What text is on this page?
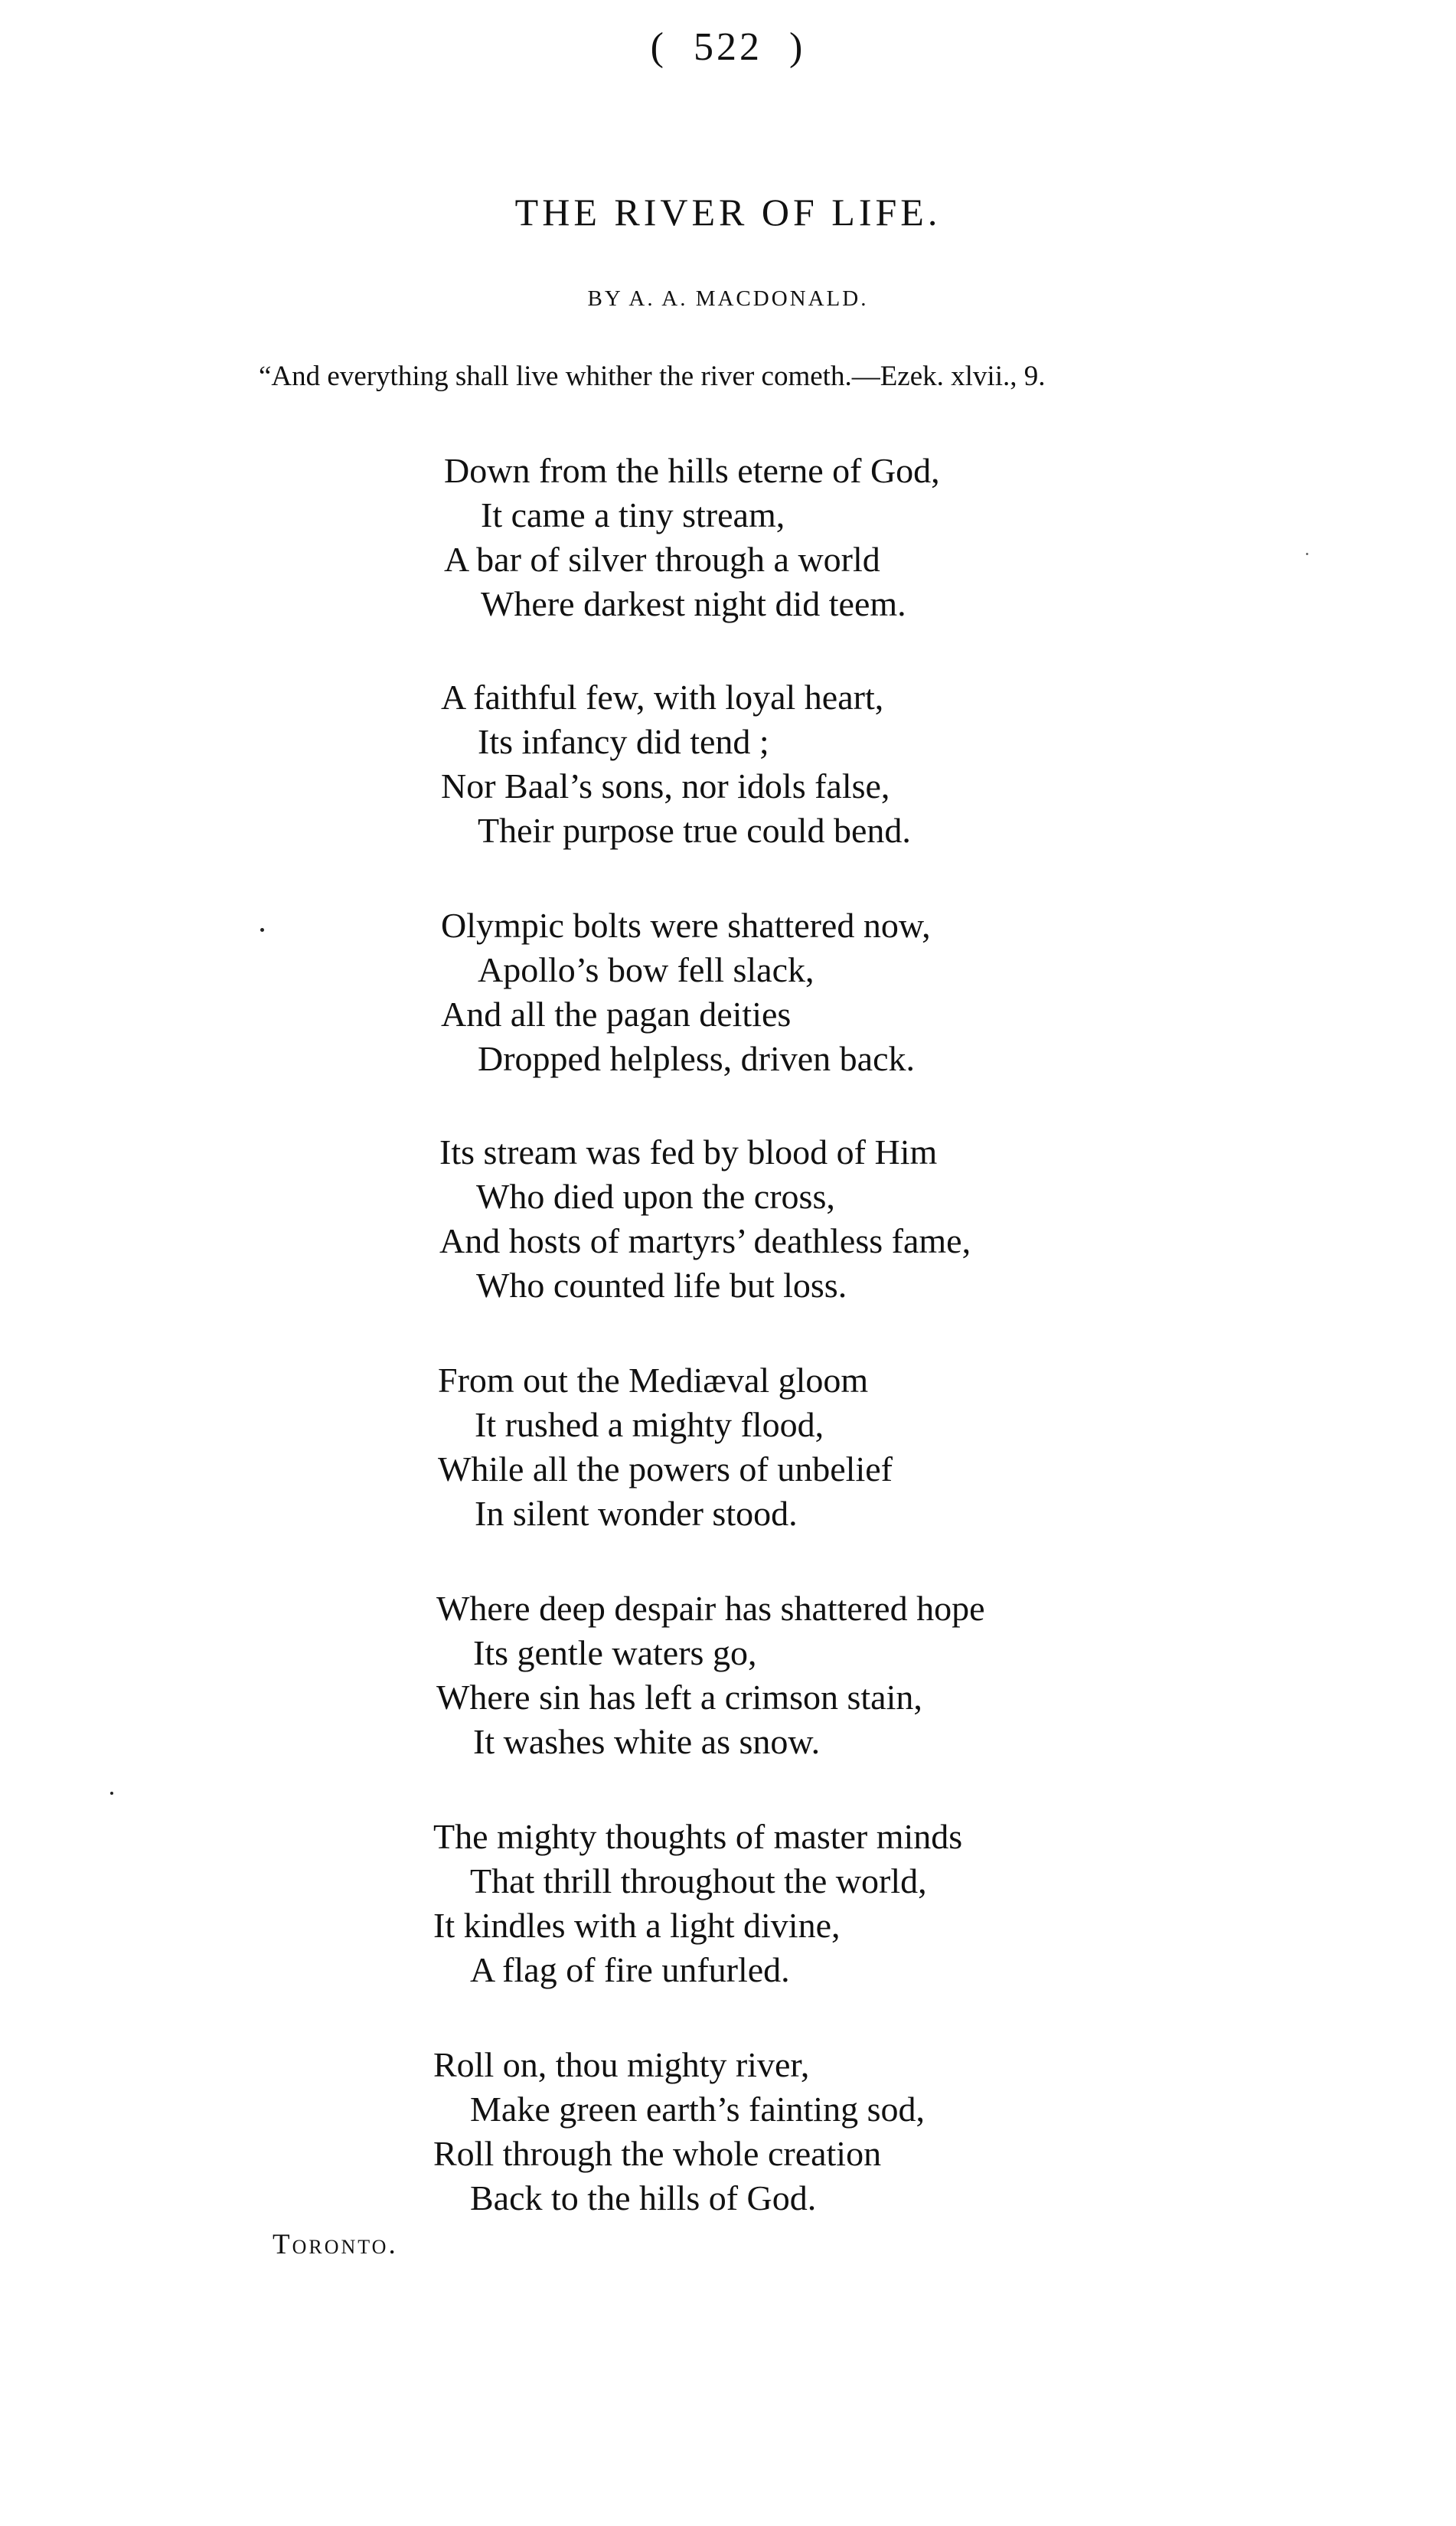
( 522 )
THE RIVER OF LIFE.
BY A. A. MACDONALD.
“And everything shall live whither the river cometh.—Ezek. xlvii., 9.
Down from the hills eterne of God,
It came a tiny stream,
A bar of silver through a world
Where darkest night did teem.
A faithful few, with loyal heart,
Its infancy did tend ;
Nor Baal’s sons, nor idols false,
Their purpose true could bend.
Olympic bolts were shattered now,
Apollo’s bow fell slack,
And all the pagan deities
Dropped helpless, driven back.
Its stream was fed by blood of Him
Who died upon the cross,
And hosts of martyrs’ deathless fame,
Who counted life but loss.
From out the Mediæval gloom
It rushed a mighty flood,
While all the powers of unbelief
In silent wonder stood.
Where deep despair has shattered hope
Its gentle waters go,
Where sin has left a crimson stain,
It washes white as snow.
The mighty thoughts of master minds
That thrill throughout the world,
It kindles with a light divine,
A flag of fire unfurled.
Roll on, thou mighty river,
Make green earth’s fainting sod,
Roll through the whole creation
Back to the hills of God.
Toronto.
